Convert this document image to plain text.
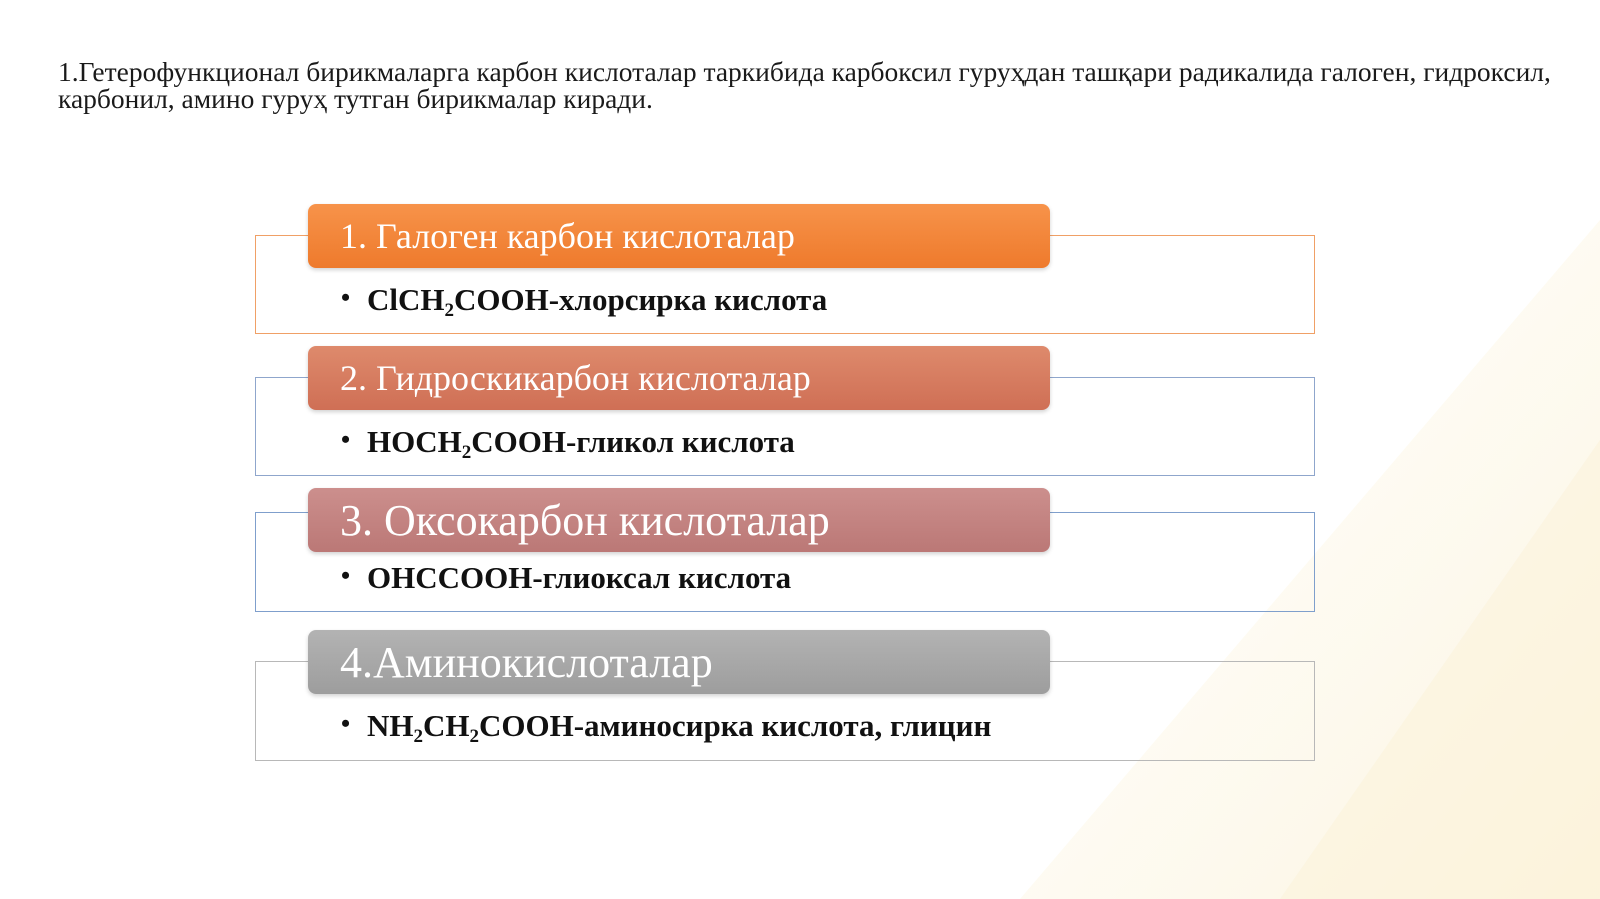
1.Гетерофункционал бирикмаларга карбон кислоталар таркибида карбоксил гуруҳдан ташқари радикалида галоген, гидроксил, карбонил, амино гуруҳ тутган бирикмалар киради.

1. Галоген карбон кислоталар
• ClCH$_2$COOH -хлорсирка кислота
2. Гидроскикарбон кислоталар
• $HOCH_2COOH$ -гликол кислота
3. Оксокарбон кислоталар
• OHCCOOH -глиоксал кислота
4.Аминокислоталар
• $NH_2CH_2COOH$ -аминосирка кислота, глицин
